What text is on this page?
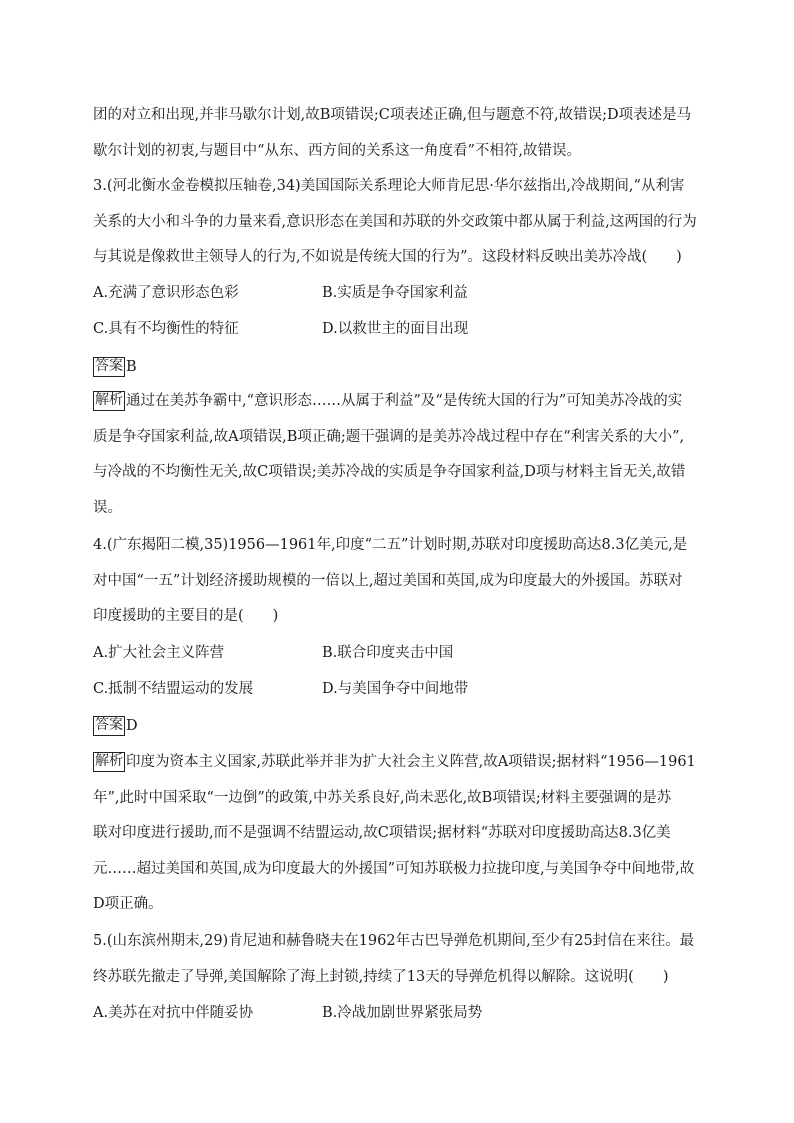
团的对立和出现,并非马歇尔计划,故B项错误;C项表述正确,但与题意不符,故错误;D项表述是马
歇尔计划的初衷,与题目中“从东、西方间的关系这一角度看”不相符,故错误。
3.(河北衡水金卷模拟压轴卷,34)美国国际关系理论大师肯尼思·华尔兹指出,冷战期间,“从利害
关系的大小和斗争的力量来看,意识形态在美国和苏联的外交政策中都从属于利益,这两国的行为
与其说是像救世主领导人的行为,不如说是传统大国的行为”。这段材料反映出美苏冷战(　　)
A.充满了意识形态色彩	B.实质是争夺国家利益
C.具有不均衡性的特征	D.以救世主的面目出现
答案 B
解析 通过在美苏争霸中,“意识形态……从属于利益”及“是传统大国的行为”可知美苏冷战的实
质是争夺国家利益,故A项错误,B项正确;题干强调的是美苏冷战过程中存在“利害关系的大小”,
与冷战的不均衡性无关,故C项错误;美苏冷战的实质是争夺国家利益,D项与材料主旨无关,故错
误。
4.(广东揭阳二模,35)1956—1961年,印度“二五”计划时期,苏联对印度援助高达8.3亿美元,是
对中国“一五”计划经济援助规模的一倍以上,超过美国和英国,成为印度最大的外援国。苏联对
印度援助的主要目的是(　　)
A.扩大社会主义阵营	B.联合印度夹击中国
C.抵制不结盟运动的发展	D.与美国争夺中间地带
答案 D
解析 印度为资本主义国家,苏联此举并非为扩大社会主义阵营,故A项错误;据材料“1956—1961
年”,此时中国采取“一边倒”的政策,中苏关系良好,尚未恶化,故B项错误;材料主要强调的是苏
联对印度进行援助,而不是强调不结盟运动,故C项错误;据材料“苏联对印度援助高达8.3亿美
元……超过美国和英国,成为印度最大的外援国”可知苏联极力拉拢印度,与美国争夺中间地带,故
D项正确。
5.(山东滨州期末,29)肯尼迪和赫鲁晓夫在1962年古巴导弹危机期间,至少有25封信在来往。最
终苏联先撤走了导弹,美国解除了海上封锁,持续了13天的导弹危机得以解除。这说明(　　)
A.美苏在对抗中伴随妥协	B.冷战加剧世界紧张局势
